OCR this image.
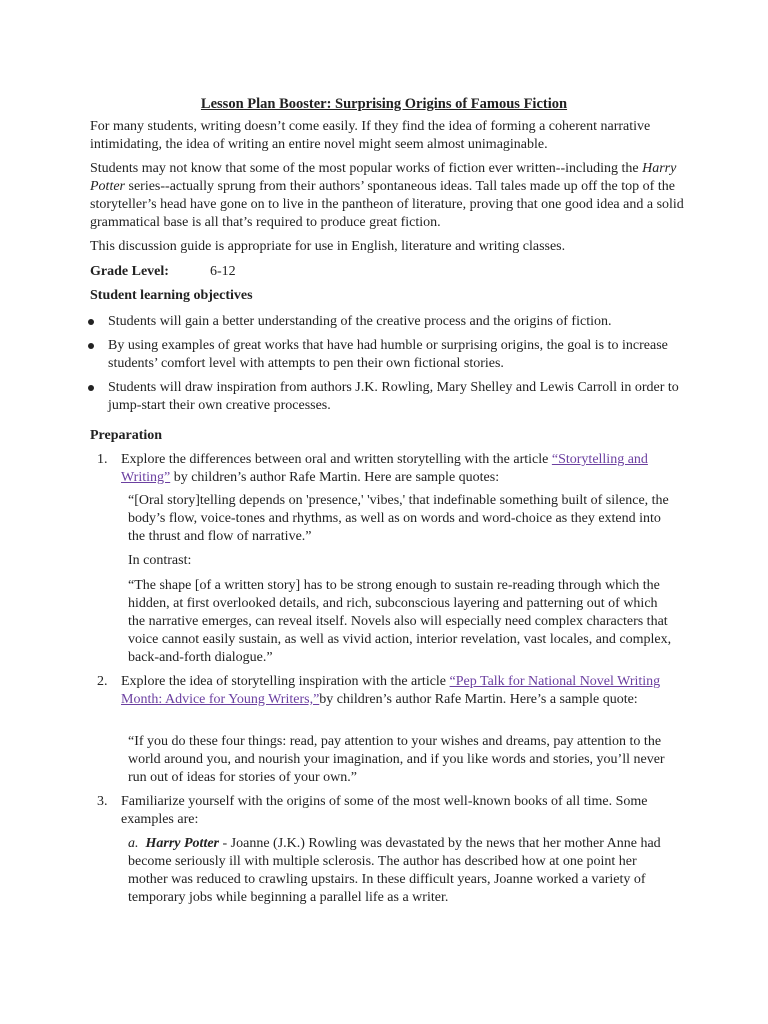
Lesson Plan Booster: Surprising Origins of Famous Fiction
For many students, writing doesn’t come easily. If they find the idea of forming a coherent narrative intimidating, the idea of writing an entire novel might seem almost unimaginable.
Students may not know that some of the most popular works of fiction ever written--including the Harry Potter series--actually sprung from their authors’ spontaneous ideas. Tall tales made up off the top of the storyteller’s head have gone on to live in the pantheon of literature, proving that one good idea and a solid grammatical base is all that’s required to produce great fiction.
This discussion guide is appropriate for use in English, literature and writing classes.
Grade Level:	6-12
Student learning objectives
Students will gain a better understanding of the creative process and the origins of fiction.
By using examples of great works that have had humble or surprising origins, the goal is to increase students’ comfort level with attempts to pen their own fictional stories.
Students will draw inspiration from authors J.K. Rowling, Mary Shelley and Lewis Carroll in order to jump-start their own creative processes.
Preparation
1. Explore the differences between oral and written storytelling with the article “Storytelling and Writing” by children’s author Rafe Martin. Here are sample quotes:
“[Oral story]telling depends on 'presence,' 'vibes,' that indefinable something built of silence, the body’s flow, voice-tones and rhythms, as well as on words and word-choice as they extend into the thrust and flow of narrative.”
In contrast:
“The shape [of a written story] has to be strong enough to sustain re-reading through which the hidden, at first overlooked details, and rich, subconscious layering and patterning out of which the narrative emerges, can reveal itself. Novels also will especially need complex characters that voice cannot easily sustain, as well as vivid action, interior revelation, vast locales, and complex, back-and-forth dialogue.”
2. Explore the idea of storytelling inspiration with the article “Pep Talk for National Novel Writing Month: Advice for Young Writers,”by children’s author Rafe Martin. Here’s a sample quote:
“If you do these four things: read, pay attention to your wishes and dreams, pay attention to the world around you, and nourish your imagination, and if you like words and stories, you’ll never run out of ideas for stories of your own.”
3. Familiarize yourself with the origins of some of the most well-known books of all time. Some examples are:
a. Harry Potter - Joanne (J.K.) Rowling was devastated by the news that her mother Anne had become seriously ill with multiple sclerosis. The author has described how at one point her mother was reduced to crawling upstairs. In these difficult years, Joanne worked a variety of temporary jobs while beginning a parallel life as a writer.
